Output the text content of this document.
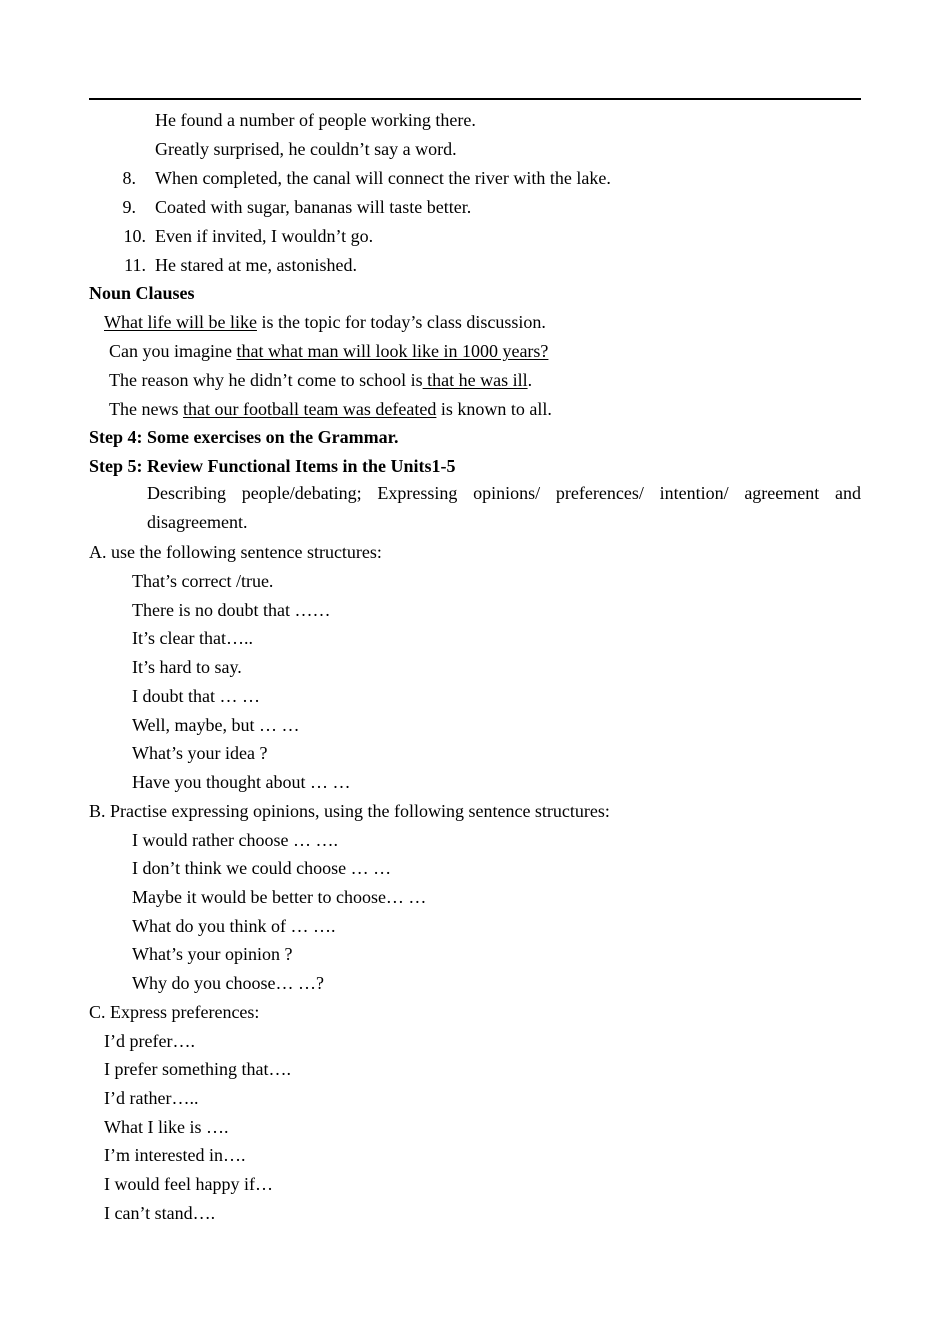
He found a number of people working there.
Greatly surprised, he couldn’t say a word.
8. When completed, the canal will connect the river with the lake.
9. Coated with sugar, bananas will taste better.
10. Even if invited, I wouldn’t go.
11. He stared at me, astonished.
Noun Clauses
What life will be like is the topic for today’s class discussion.
Can you imagine that what man will look like in 1000 years?
The reason why he didn’t come to school is that he was ill.
The news that our football team was defeated is known to all.
Step 4: Some exercises on the Grammar.
Step 5: Review Functional Items in the Units1-5
Describing people/debating; Expressing opinions/ preferences/ intention/ agreement and disagreement.
A. use the following sentence structures:
That’s correct /true.
There is no doubt that ……
It’s clear that…..
It’s hard to say.
I doubt that … …
Well, maybe, but … …
What’s your idea ?
Have you thought about … …
B. Practise expressing opinions, using the following sentence structures:
I would rather choose … ….
I don’t think we could choose … …
Maybe it would be better to choose… …
What do you think of … ….
What’s your opinion ?
Why do you choose… …?
C. Express preferences:
I’d prefer….
I prefer something that….
I’d rather…..
What I like is ….
I’m interested in….
I would feel happy if…
I can’t stand….
